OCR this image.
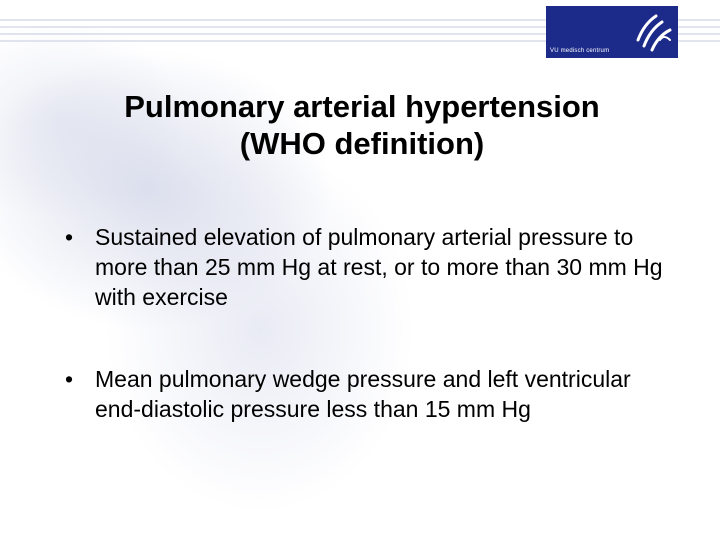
VU medisch centrum
Pulmonary arterial hypertension
(WHO definition)
• Sustained elevation of pulmonary arterial pressure to more than 25 mm Hg at rest, or to more than 30 mm Hg with exercise
• Mean pulmonary wedge pressure and left ventricular end-diastolic pressure less than 15 mm Hg
